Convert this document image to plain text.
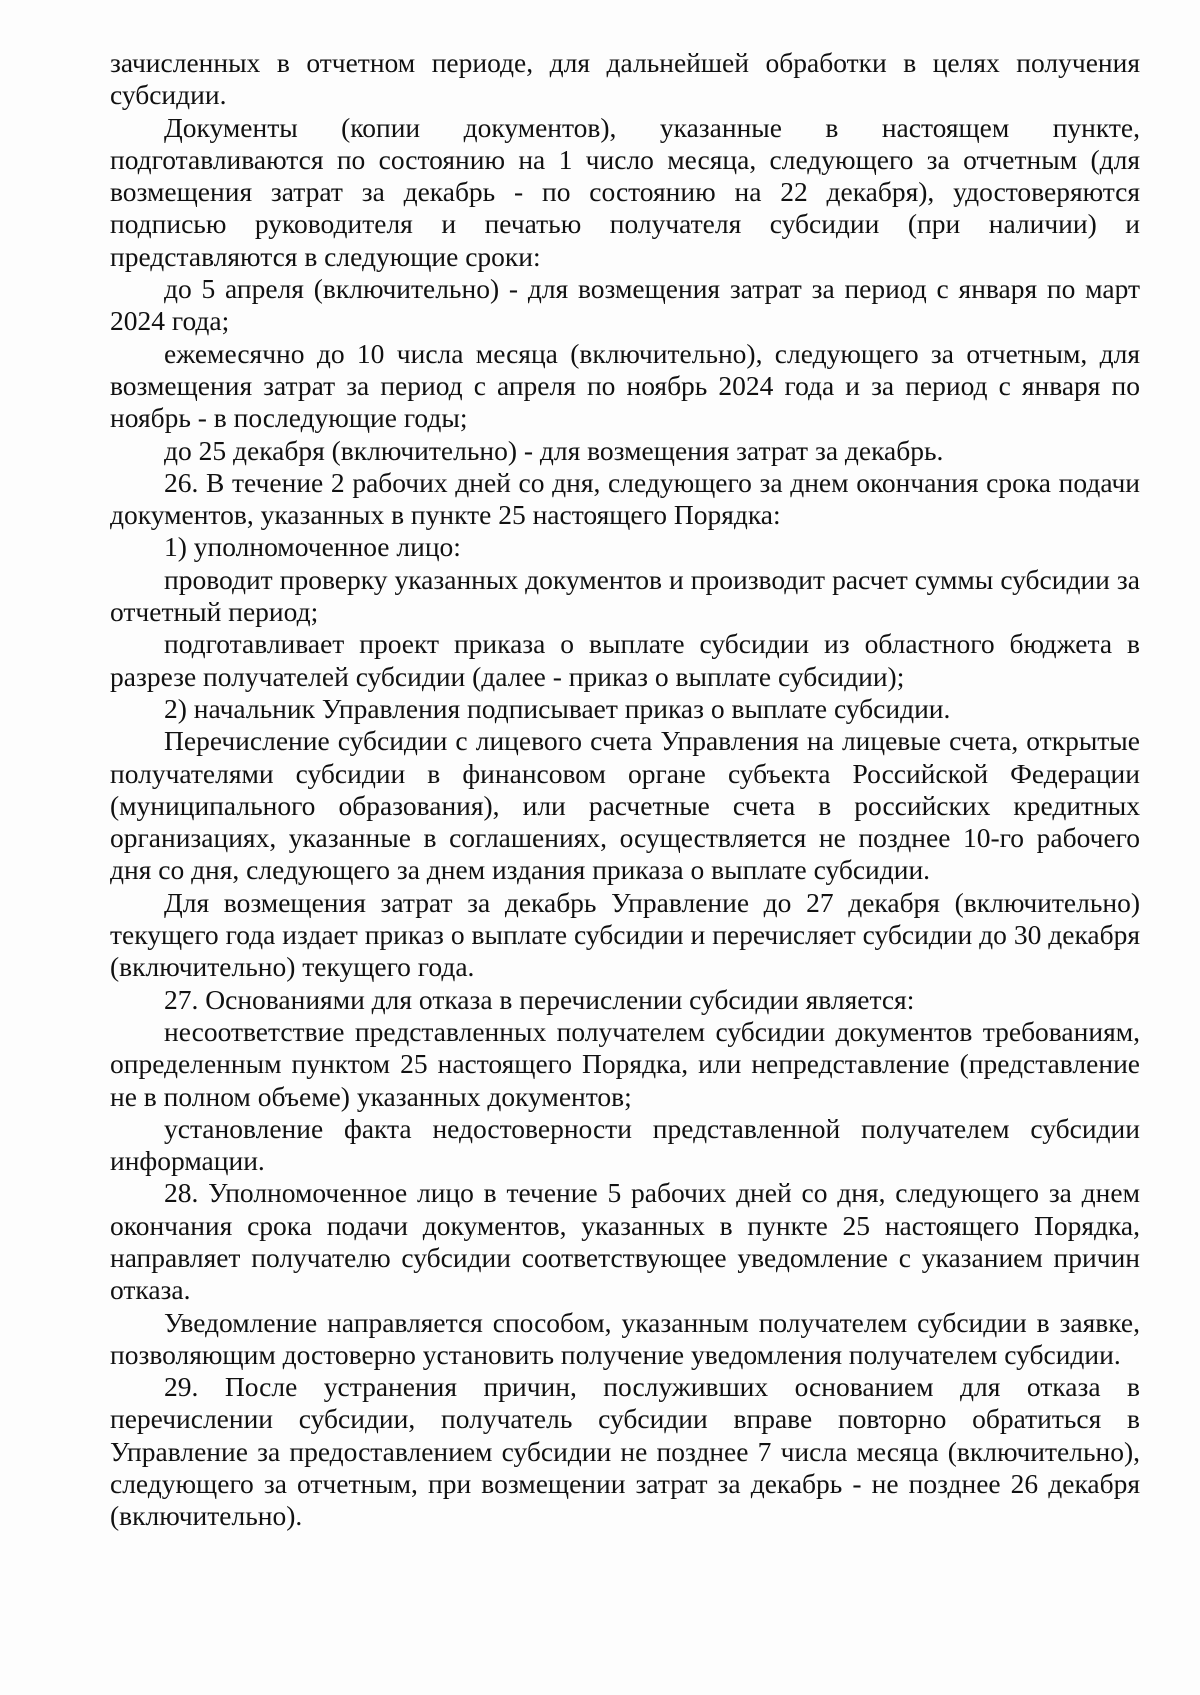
зачисленных в отчетном периоде, для дальнейшей обработки в целях получения субсидии.

Документы (копии документов), указанные в настоящем пункте, подготавливаются по состоянию на 1 число месяца, следующего за отчетным (для возмещения затрат за декабрь - по состоянию на 22 декабря), удостоверяются подписью руководителя и печатью получателя субсидии (при наличии) и представляются в следующие сроки:

до 5 апреля (включительно) - для возмещения затрат за период с января по март 2024 года;

ежемесячно до 10 числа месяца (включительно), следующего за отчетным, для возмещения затрат за период с апреля по ноябрь 2024 года и за период с января по ноябрь - в последующие годы;

до 25 декабря (включительно) - для возмещения затрат за декабрь.

26. В течение 2 рабочих дней со дня, следующего за днем окончания срока подачи документов, указанных в пункте 25 настоящего Порядка:

1) уполномоченное лицо:

проводит проверку указанных документов и производит расчет суммы субсидии за отчетный период;

подготавливает проект приказа о выплате субсидии из областного бюджета в разрезе получателей субсидии (далее - приказ о выплате субсидии);

2) начальник Управления подписывает приказ о выплате субсидии.

Перечисление субсидии с лицевого счета Управления на лицевые счета, открытые получателями субсидии в финансовом органе субъекта Российской Федерации (муниципального образования), или расчетные счета в российских кредитных организациях, указанные в соглашениях, осуществляется не позднее 10-го рабочего дня со дня, следующего за днем издания приказа о выплате субсидии.

Для возмещения затрат за декабрь Управление до 27 декабря (включительно) текущего года издает приказ о выплате субсидии и перечисляет субсидии до 30 декабря (включительно) текущего года.

27. Основаниями для отказа в перечислении субсидии является:

несоответствие представленных получателем субсидии документов требованиям, определенным пунктом 25 настоящего Порядка, или непредставление (представление не в полном объеме) указанных документов;

установление факта недостоверности представленной получателем субсидии информации.

28. Уполномоченное лицо в течение 5 рабочих дней со дня, следующего за днем окончания срока подачи документов, указанных в пункте 25 настоящего Порядка, направляет получателю субсидии соответствующее уведомление с указанием причин отказа.

Уведомление направляется способом, указанным получателем субсидии в заявке, позволяющим достоверно установить получение уведомления получателем субсидии.

29. После устранения причин, послуживших основанием для отказа в перечислении субсидии, получатель субсидии вправе повторно обратиться в Управление за предоставлением субсидии не позднее 7 числа месяца (включительно), следующего за отчетным, при возмещении затрат за декабрь - не позднее 26 декабря (включительно).
